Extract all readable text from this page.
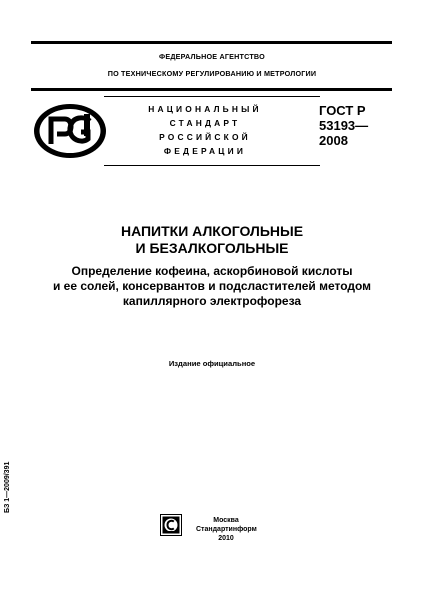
ФЕДЕРАЛЬНОЕ АГЕНТСТВО
ПО ТЕХНИЧЕСКОМУ РЕГУЛИРОВАНИЮ И МЕТРОЛОГИИ
НАЦИОНАЛЬНЫЙ
СТАНДАРТ
РОССИЙСКОЙ
ФЕДЕРАЦИИ
ГОСТ Р
53193—
2008
НАПИТКИ АЛКОГОЛЬНЫЕ
И БЕЗАЛКОГОЛЬНЫЕ
Определение кофеина, аскорбиновой кислоты
и ее солей, консервантов и подсластителей методом
капиллярного электрофореза
Издание официальное
БЗ 1—2009/391
Москва
Стандартинформ
2010
